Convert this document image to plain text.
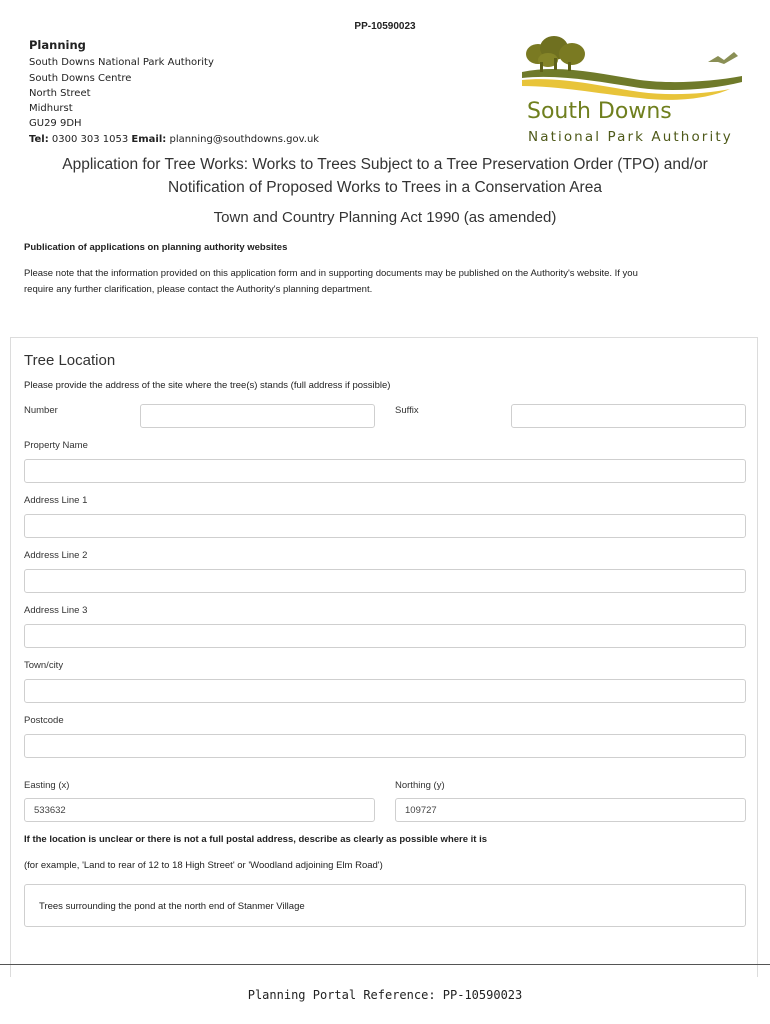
PP-10590023
Planning
South Downs National Park Authority
South Downs Centre
North Street
Midhurst
GU29 9DH
Tel: 0300 303 1053 Email: planning@southdowns.gov.uk
South Downs
National Park Authority
Application for Tree Works: Works to Trees Subject to a Tree Preservation Order (TPO) and/or
Notification of Proposed Works to Trees in a Conservation Area
Town and Country Planning Act 1990 (as amended)
Publication of applications on planning authority websites
Please note that the information provided on this application form and in supporting documents may be published on the Authority's website. If you
require any further clarification, please contact the Authority's planning department.
Tree Location
Please provide the address of the site where the tree(s) stands (full address if possible)
Number	Suffix
Property Name
Address Line 1
Address Line 2
Address Line 3
Town/city
Postcode
Easting (x)
533632
Northing (y)
109727
If the location is unclear or there is not a full postal address, describe as clearly as possible where it is
(for example, 'Land to rear of 12 to 18 High Street' or 'Woodland adjoining Elm Road')
Trees surrounding the pond at the north end of Stanmer Village
Planning Portal Reference: PP-10590023
